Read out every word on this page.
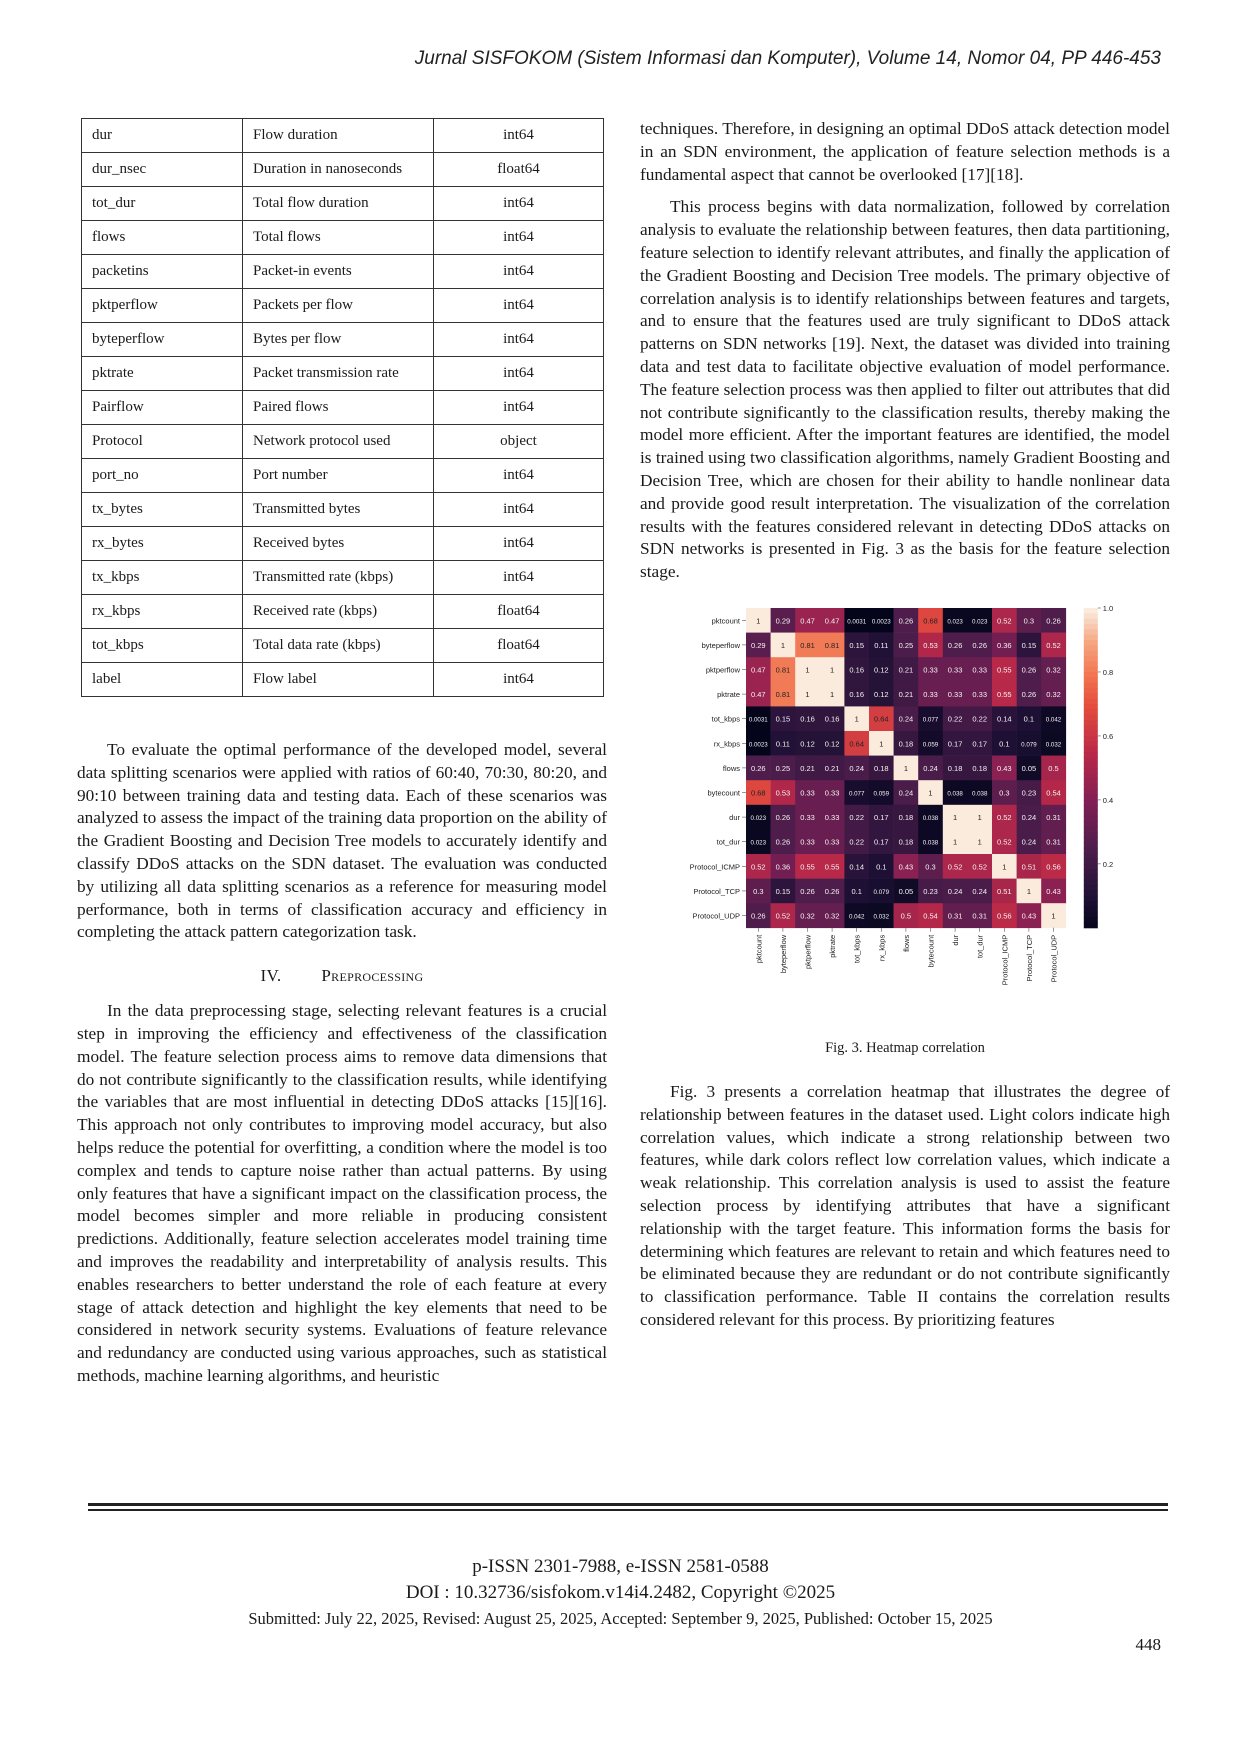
Jurnal SISFOKOM (Sistem Informasi dan Komputer), Volume 14, Nomor 04, PP 446-453
dur	Flow duration	int64
dur_nsec	Duration in nanoseconds	float64
tot_dur	Total flow duration	int64
flows	Total flows	int64
packetins	Packet-in events	int64
pktperflow	Packets per flow	int64
byteperflow	Bytes per flow	int64
pktrate	Packet transmission rate	int64
Pairflow	Paired flows	int64
Protocol	Network protocol used	object
port_no	Port number	int64
tx_bytes	Transmitted bytes	int64
rx_bytes	Received bytes	int64
tx_kbps	Transmitted rate (kbps)	int64
rx_kbps	Received rate (kbps)	float64
tot_kbps	Total data rate (kbps)	float64
label	Flow label	int64

To evaluate the optimal performance of the developed model, several data splitting scenarios were applied with ratios of 60:40, 70:30, 80:20, and 90:10 between training data and testing data. Each of these scenarios was analyzed to assess the impact of the training data proportion on the ability of the Gradient Boosting and Decision Tree models to accurately identify and classify DDoS attacks on the SDN dataset. The evaluation was conducted by utilizing all data splitting scenarios as a reference for measuring model performance, both in terms of classification accuracy and efficiency in completing the attack pattern categorization task.

IV. Preprocessing

In the data preprocessing stage, selecting relevant features is a crucial step in improving the efficiency and effectiveness of the classification model. The feature selection process aims to remove data dimensions that do not contribute significantly to the classification results, while identifying the variables that are most influential in detecting DDoS attacks [15][16]. This approach not only contributes to improving model accuracy, but also helps reduce the potential for overfitting, a condition where the model is too complex and tends to capture noise rather than actual patterns. By using only features that have a significant impact on the classification process, the model becomes simpler and more reliable in producing consistent predictions. Additionally, feature selection accelerates model training time and improves the readability and interpretability of analysis results. This enables researchers to better understand the role of each feature at every stage of attack detection and highlight the key elements that need to be considered in network security systems. Evaluations of feature relevance and redundancy are conducted using various approaches, such as statistical methods, machine learning algorithms, and heuristic

techniques. Therefore, in designing an optimal DDoS attack detection model in an SDN environment, the application of feature selection methods is a fundamental aspect that cannot be overlooked [17][18].

This process begins with data normalization, followed by correlation analysis to evaluate the relationship between features, then data partitioning, feature selection to identify relevant attributes, and finally the application of the Gradient Boosting and Decision Tree models. The primary objective of correlation analysis is to identify relationships between features and targets, and to ensure that the features used are truly significant to DDoS attack patterns on SDN networks [19]. Next, the dataset was divided into training data and test data to facilitate objective evaluation of model performance. The feature selection process was then applied to filter out attributes that did not contribute significantly to the classification results, thereby making the model more efficient. After the important features are identified, the model is trained using two classification algorithms, namely Gradient Boosting and Decision Tree, which are chosen for their ability to handle nonlinear data and provide good result interpretation. The visualization of the correlation results with the features considered relevant in detecting DDoS attacks on SDN networks is presented in Fig. 3 as the basis for the feature selection stage.

1 0.29 0.47 0.47 0.0031 0.0023 0.26 0.68 0.023 0.023 0.52 0.3 0.26
0.29 1 0.81 0.81 0.15 0.11 0.25 0.53 0.26 0.26 0.36 0.15 0.52
0.47 0.81 1	1 0.16 0.12 0.21 0.33 0.33 0.33 0.55 0.26 0.32
0.47 0.81 1	1 0.16 0.12 0.21 0.33 0.33 0.33 0.55 0.26 0.32
0.0031 0.15 0.16 0.16 1 0.64 0.24 0.077 0.22 0.22 0.14 0.1 0.042
0.0023 0.11 0.12 0.12 0.64 1 0.18 0.059 0.17 0.17 0.1 0.079 0.032
0.26 0.25 0.21 0.21 0.24 0.18 1 0.24 0.18 0.18 0.43 0.05 0.5
0.68 0.53 0.33 0.33 0.077 0.059 0.24 1 0.038 0.038 0.3 0.23 0.54
0.023 0.26 0.33 0.33 0.22 0.17 0.18 0.038 1	1 0.52 0.24 0.31
0.023 0.26 0.33 0.33 0.22 0.17 0.18 0.038 1	1 0.52 0.24 0.31
0.52 0.36 0.55 0.55 0.14 0.1 0.43 0.3 0.52 0.52 1 0.51 0.56
0.3 0.15 0.26 0.26 0.1 0.079 0.05 0.23 0.24 0.24 0.51 1 0.43
0.26 0.52 0.32 0.32 0.042 0.032 0.5 0.54 0.31 0.31 0.56 0.43 1
pktcount
byteperflow
pktperflow
pktrate
tot_kbps
rx_kbps
flows
bytecount
dur
tot_dur
Protocol_ICMP
Protocol_TCP
Protocol_UDP
pktcount byteperflow pktperflow pktrate tot_kbps rx_kbps flows bytecount dur tot_dur Protocol_ICMP Protocol_TCP Protocol_UDP
1.0
0.8
0.6
0.4
0.2
Fig. 3. Heatmap correlation

Fig. 3 presents a correlation heatmap that illustrates the degree of relationship between features in the dataset used. Light colors indicate high correlation values, which indicate a strong relationship between two features, while dark colors reflect low correlation values, which indicate a weak relationship. This correlation analysis is used to assist the feature selection process by identifying attributes that have a significant relationship with the target feature. This information forms the basis for determining which features are relevant to retain and which features need to be eliminated because they are redundant or do not contribute significantly to classification performance. Table II contains the correlation results considered relevant for this process. By prioritizing features

p-ISSN 2301-7988, e-ISSN 2581-0588
DOI : 10.32736/sisfokom.v14i4.2482, Copyright ©2025
Submitted: July 22, 2025, Revised: August 25, 2025, Accepted: September 9, 2025, Published: October 15, 2025
448
